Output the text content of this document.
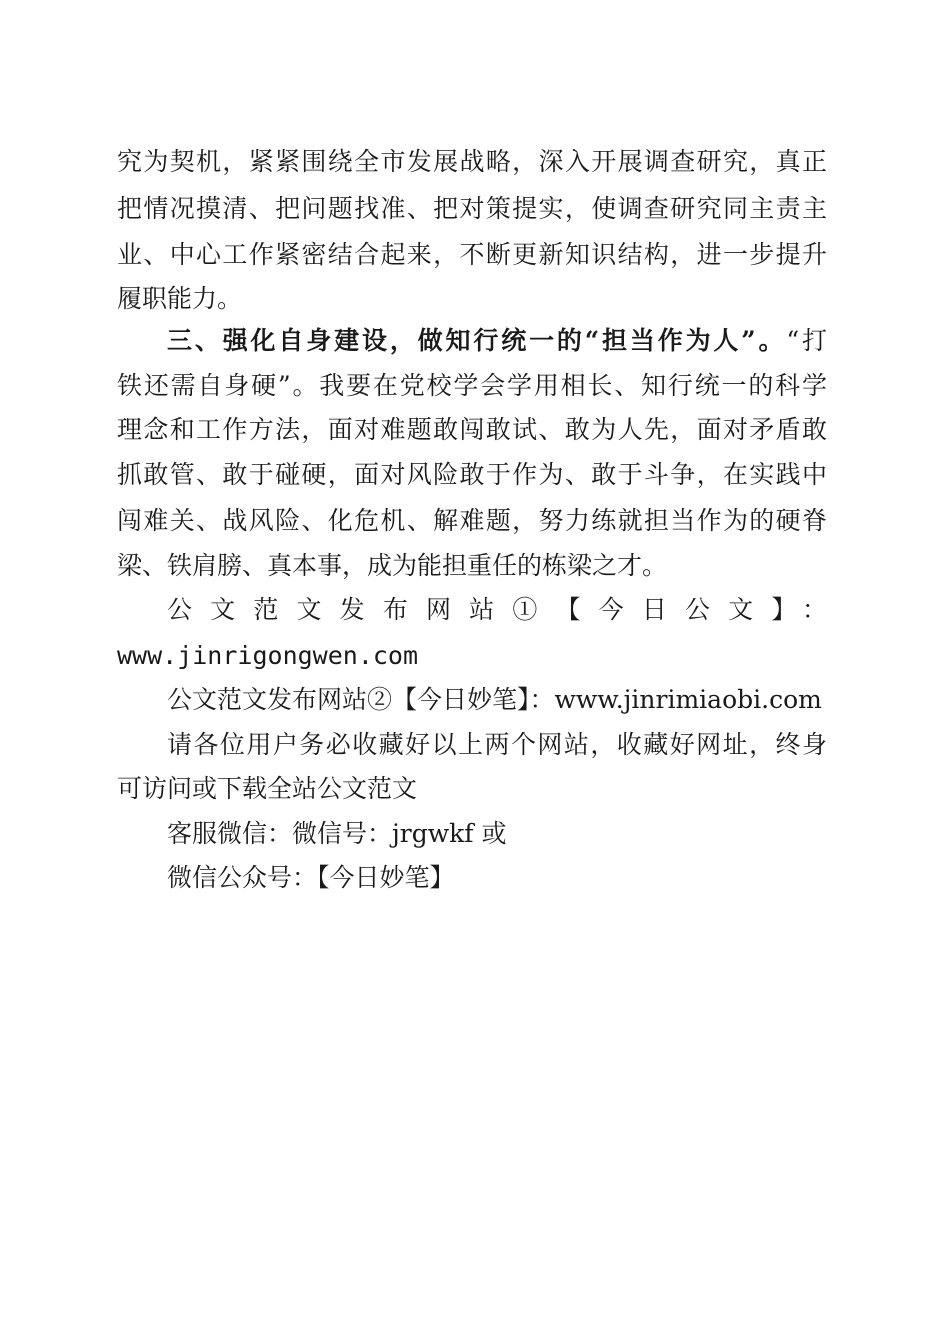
究为契机，紧紧围绕全市发展战略，深入开展调查研究，真正
把情况摸清、把问题找准、把对策提实，使调查研究同主责主
业、中心工作紧密结合起来，不断更新知识结构，进一步提升
履职能力。
三、强化自身建设，做知行统一的“担当作为人”。“打
铁还需自身硬”。我要在党校学会学用相长、知行统一的科学
理念和工作方法，面对难题敢闯敢试、敢为人先，面对矛盾敢
抓敢管、敢于碰硬，面对风险敢于作为、敢于斗争，在实践中
闯难关、战风险、化危机、解难题，努力练就担当作为的硬脊
梁、铁肩膀、真本事，成为能担重任的栋梁之才。
公文范文发布网站①【今日公文】：
www.jinrigongwen.com
公文范文发布网站②【今日妙笔】：www.jinrimiaobi.com
请各位用户务必收藏好以上两个网站，收藏好网址，终身
可访问或下载全站公文范文
客服微信：微信号：jrgwkf 或
微信公众号：【今日妙笔】
